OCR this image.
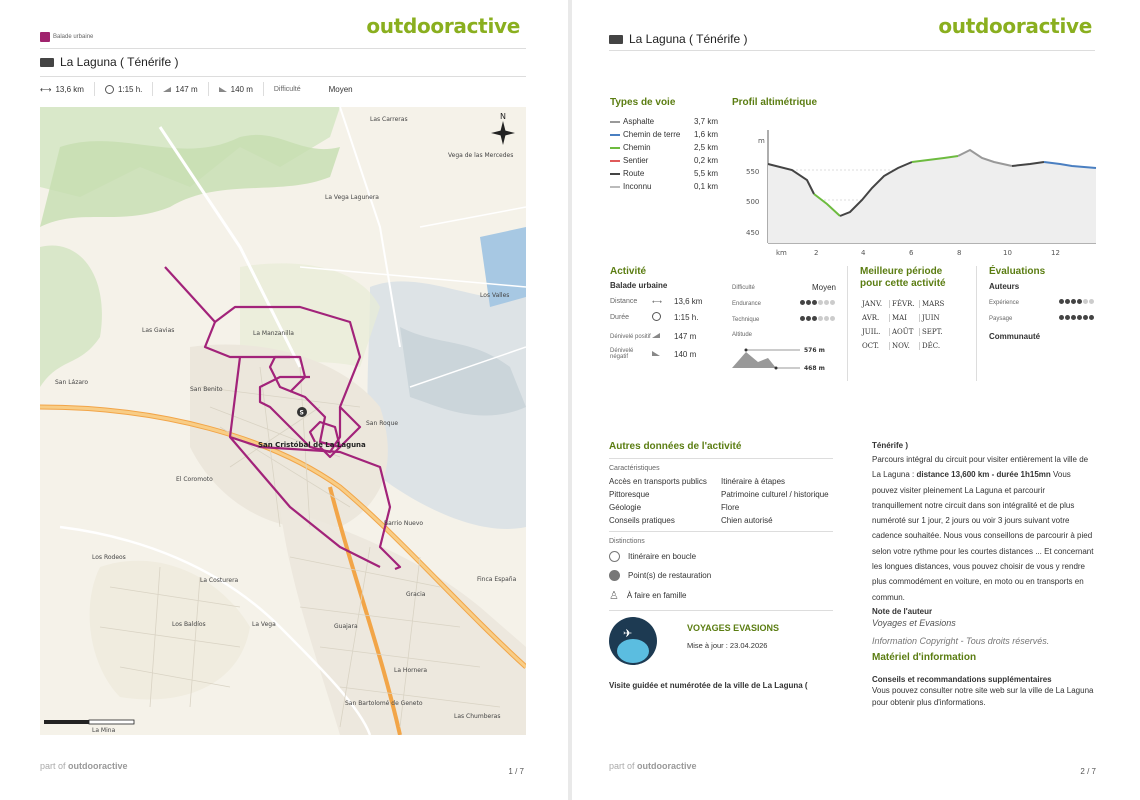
Balade urbaine	outdooractive
La Laguna ( Ténérife )
⟷ 13,6 km	1:15 h.	147 m	140 m	Difficulté	Moyen
S
N
Las Carreras
Vega de las Mercedes
La Vega Lagunera
Las Gavias	La Manzanilla
San Lázaro
San Benito
San Roque
San Cristóbal de La Laguna
El Coromoto
Barrio Nuevo
Los Rodeos
La Costurera
Los Baldíos	La Vega	Guajara
Gracia
Finca España
San Bartolomé de Geneto
Las Chumberas
La Hornera
Los Valles
La Mina
part of outdooractive
1 / 7
La Laguna ( Ténérife )
outdooractive
Types de voie
Asphalte	3,7 km
Chemin de terre 1,6 km
Chemin	2,5 km
Sentier	0,2 km
Route	5,5 km
Inconnu	0,1 km
Profil altimétrique
m
550
500
450
km	2	4	6	8	10	12
Activité
Balade urbaine
Distance	⟷	13,6 km
Durée	1:15 h.
Dénivelé positif	147 m
Dénivelé négatif	140 m
Difficulté	Moyen
Endurance
Technique
Altitude
576 m
468 m
Meilleure période pour cette activité
JANV.	FÉVR.	MARS
AVR.	MAI	JUIN
JUIL.	AOÛT	SEPT.
OCT.	NOV.	DÉC.
Évaluations
Auteurs
Expérience
Paysage
Communauté
Autres données de l'activité
Caractéristiques
Accès en transports publics	Itinéraire à étapes
Pittoresque	Patrimoine culturel / historique
Géologie	Flore
Conseils pratiques	Chien autorisé
Distinctions
Itinéraire en boucle
Point(s) de restauration
♙ À faire en famille
✈	VOYAGES EVASIONS
Mise à jour : 23.04.2026
Visite guidée et numérotée de la ville de La Laguna (
Ténérife )
Parcours intégral du circuit pour visiter entièrement la ville de La Laguna : distance 13,600 km - durée 1h15mn Vous pouvez visiter pleinement La Laguna et parcourir tranquillement notre circuit dans son intégralité et de plus numéroté sur 1 jour, 2 jours ou voir 3 jours suivant votre cadence souhaitée. Nous vous conseillons de parcourir à pied selon votre rythme pour les courtes distances ... Et concernant les longues distances, vous pouvez choisir de vous y rendre plus commodément en voiture, en moto ou en transports en commun.
Note de l'auteur
Voyages et Evasions
Information Copyright - Tous droits réservés.
Matériel d'information
Conseils et recommandations supplémentaires
Vous pouvez consulter notre site web sur la ville de La Laguna pour obtenir plus d'informations.
part of outdooractive
2 / 7
